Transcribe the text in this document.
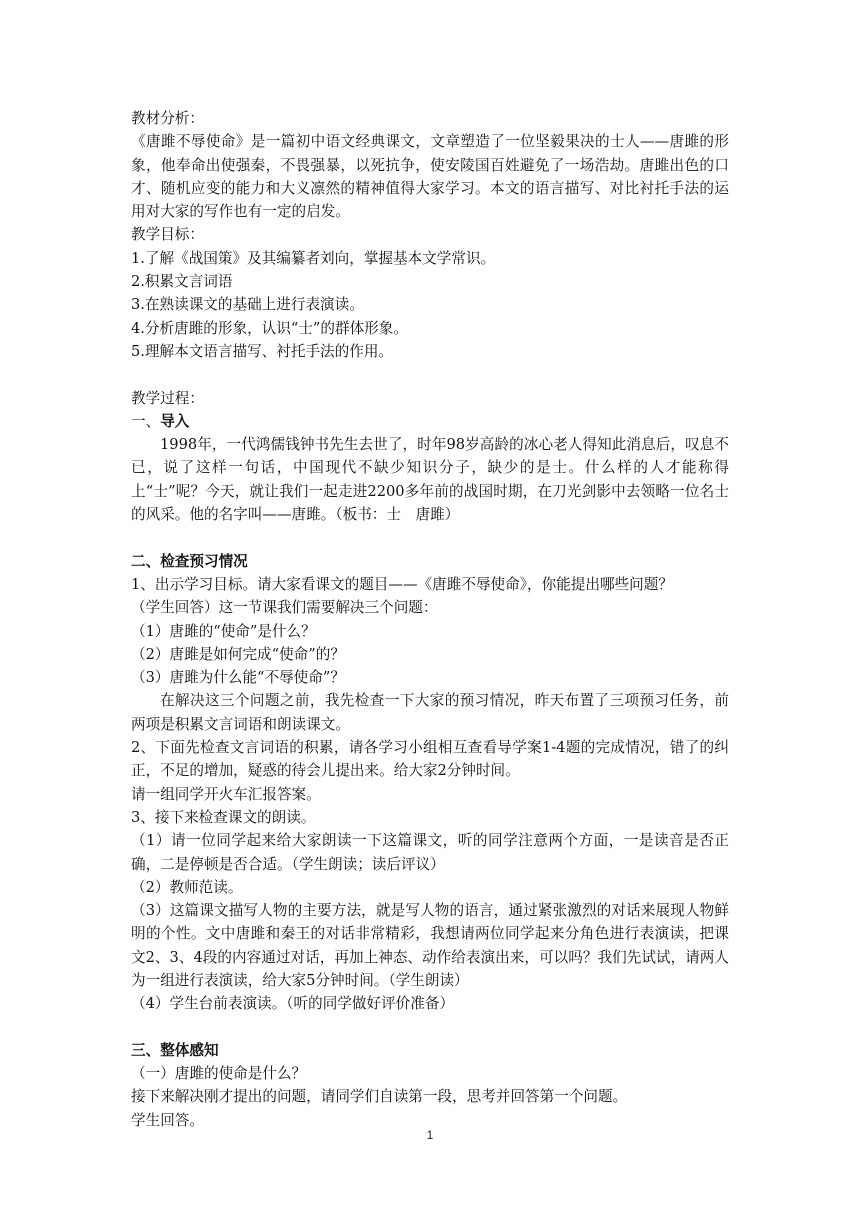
教材分析：
《唐雎不辱使命》是一篇初中语文经典课文，文章塑造了一位坚毅果决的士人——唐雎的形象，他奉命出使强秦，不畏强暴，以死抗争，使安陵国百姓避免了一场浩劫。唐雎出色的口才、随机应变的能力和大义凛然的精神值得大家学习。本文的语言描写、对比衬托手法的运用对大家的写作也有一定的启发。
教学目标：
1.了解《战国策》及其编纂者刘向，掌握基本文学常识。
2.积累文言词语
3.在熟读课文的基础上进行表演读。
4.分析唐雎的形象，认识“士”的群体形象。
5.理解本文语言描写、衬托手法的作用。
教学过程：
一、导入
1998年，一代鸿儒钱钟书先生去世了，时年98岁高龄的冰心老人得知此消息后，叹息不已，说了这样一句话，中国现代不缺少知识分子，缺少的是士。什么样的人才能称得上“士”呢？今天，就让我们一起走进2200多年前的战国时期，在刀光剑影中去领略一位名士的风采。他的名字叫——唐雎。（板书：士　唐雎）
二、检查预习情况
1、出示学习目标。请大家看课文的题目——《唐雎不辱使命》，你能提出哪些问题？
（学生回答）这一节课我们需要解决三个问题：
（1）唐雎的“使命”是什么？
（2）唐雎是如何完成“使命”的？
（3）唐雎为什么能“不辱使命”？
在解决这三个问题之前，我先检查一下大家的预习情况，昨天布置了三项预习任务，前两项是积累文言词语和朗读课文。
2、下面先检查文言词语的积累，请各学习小组相互查看导学案1-4题的完成情况，错了的纠正，不足的增加，疑惑的待会儿提出来。给大家2分钟时间。
请一组同学开火车汇报答案。
3、接下来检查课文的朗读。
（1）请一位同学起来给大家朗读一下这篇课文，听的同学注意两个方面，一是读音是否正确，二是停顿是否合适。（学生朗读；读后评议）
（2）教师范读。
（3）这篇课文描写人物的主要方法，就是写人物的语言，通过紧张激烈的对话来展现人物鲜明的个性。文中唐雎和秦王的对话非常精彩，我想请两位同学起来分角色进行表演读，把课文2、3、4段的内容通过对话，再加上神态、动作给表演出来，可以吗？我们先试试，请两人为一组进行表演读，给大家5分钟时间。（学生朗读）
（4）学生台前表演读。（听的同学做好评价准备）
三、整体感知
（一）唐雎的使命是什么？
接下来解决刚才提出的问题，请同学们自读第一段，思考并回答第一个问题。
学生回答。
1
